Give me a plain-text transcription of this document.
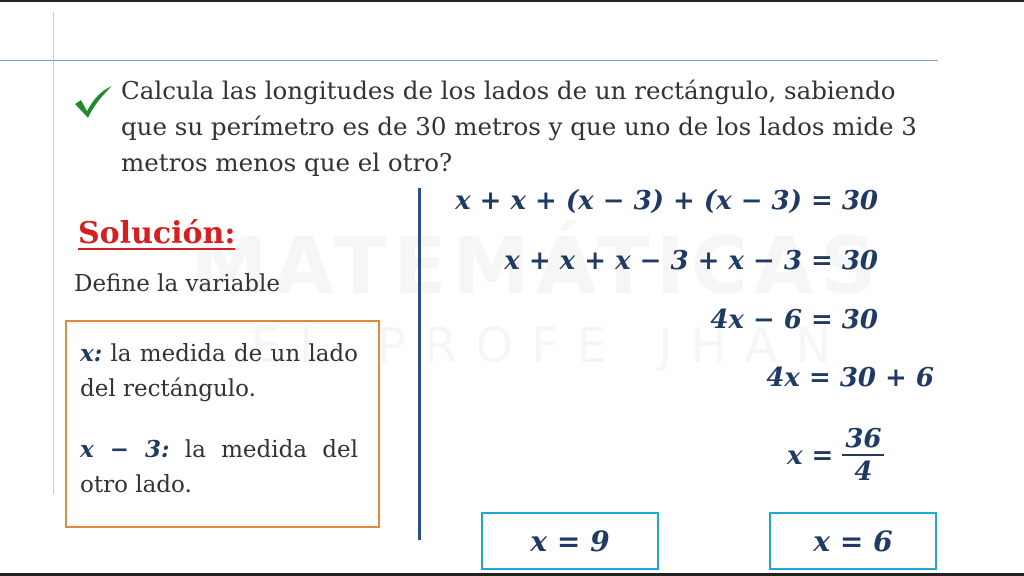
Calcula las longitudes de los lados de un rectángulo, sabiendo que su perímetro es de 30 metros y que uno de los lados mide 3 metros menos que el otro?

Solución:
Define la variable

x: la medida de un lado del rectángulo.

x − 3: la medida del otro lado.

x + x + (x − 3) + (x − 3) = 30
x + x + x − 3 + x − 3 = 30
4x − 6 = 30
4x = 30 + 6
$x = \frac{36}{4}$
x = 9	x = 6
